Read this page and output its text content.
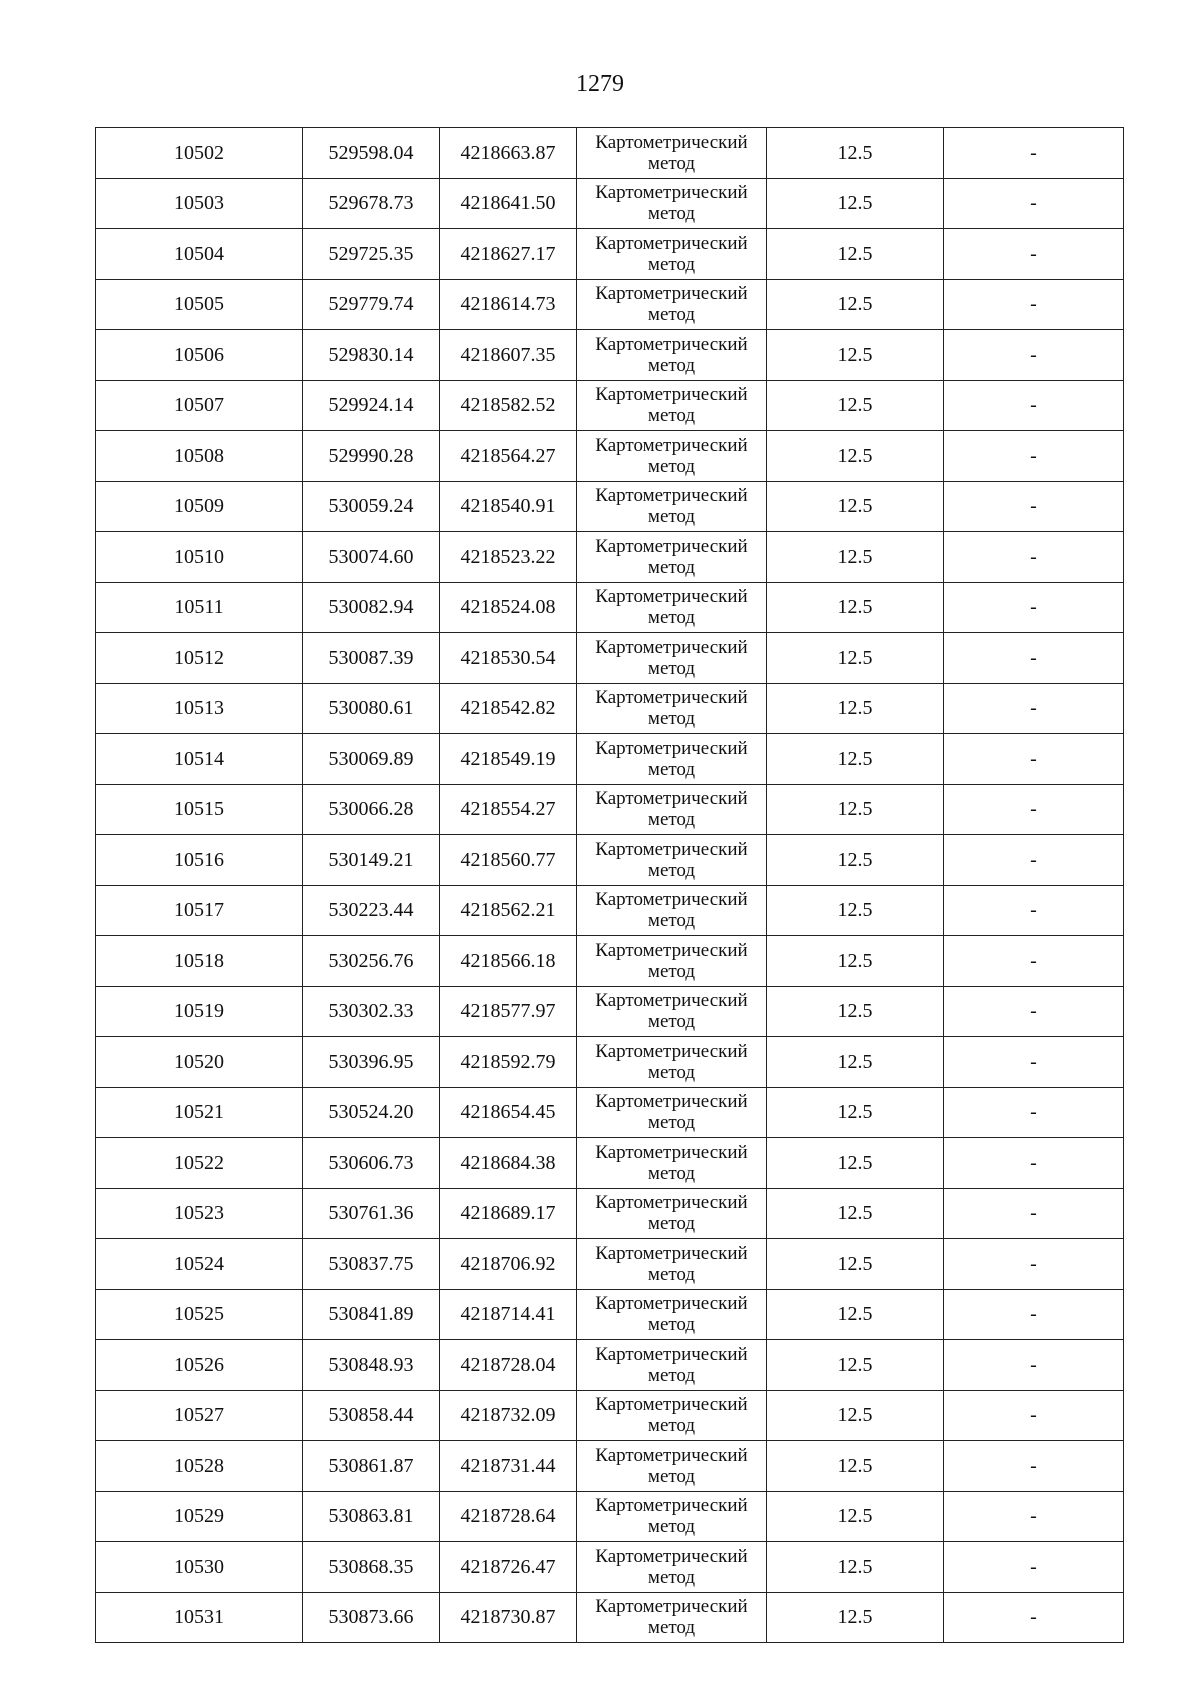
1279
10502	529598.04	4218663.87	Картометрический
метод	12.5	-
10503	529678.73	4218641.50	Картометрический
метод	12.5	-
10504	529725.35	4218627.17	Картометрический
метод	12.5	-
10505	529779.74	4218614.73	Картометрический
метод	12.5	-
10506	529830.14	4218607.35	Картометрический
метод	12.5	-
10507	529924.14	4218582.52	Картометрический
метод	12.5	-
10508	529990.28	4218564.27	Картометрический
метод	12.5	-
10509	530059.24	4218540.91	Картометрический
метод	12.5	-
10510	530074.60	4218523.22	Картометрический
метод	12.5	-
10511	530082.94	4218524.08	Картометрический
метод	12.5	-
10512	530087.39	4218530.54	Картометрический
метод	12.5	-
10513	530080.61	4218542.82	Картометрический
метод	12.5	-
10514	530069.89	4218549.19	Картометрический
метод	12.5	-
10515	530066.28	4218554.27	Картометрический
метод	12.5	-
10516	530149.21	4218560.77	Картометрический
метод	12.5	-
10517	530223.44	4218562.21	Картометрический
метод	12.5	-
10518	530256.76	4218566.18	Картометрический
метод	12.5	-
10519	530302.33	4218577.97	Картометрический
метод	12.5	-
10520	530396.95	4218592.79	Картометрический
метод	12.5	-
10521	530524.20	4218654.45	Картометрический
метод	12.5	-
10522	530606.73	4218684.38	Картометрический
метод	12.5	-
10523	530761.36	4218689.17	Картометрический
метод	12.5	-
10524	530837.75	4218706.92	Картометрический
метод	12.5	-
10525	530841.89	4218714.41	Картометрический
метод	12.5	-
10526	530848.93	4218728.04	Картометрический
метод	12.5	-
10527	530858.44	4218732.09	Картометрический
метод	12.5	-
10528	530861.87	4218731.44	Картометрический
метод	12.5	-
10529	530863.81	4218728.64	Картометрический
метод	12.5	-
10530	530868.35	4218726.47	Картометрический
метод	12.5	-
10531	530873.66	4218730.87	Картометрический
метод	12.5	-
